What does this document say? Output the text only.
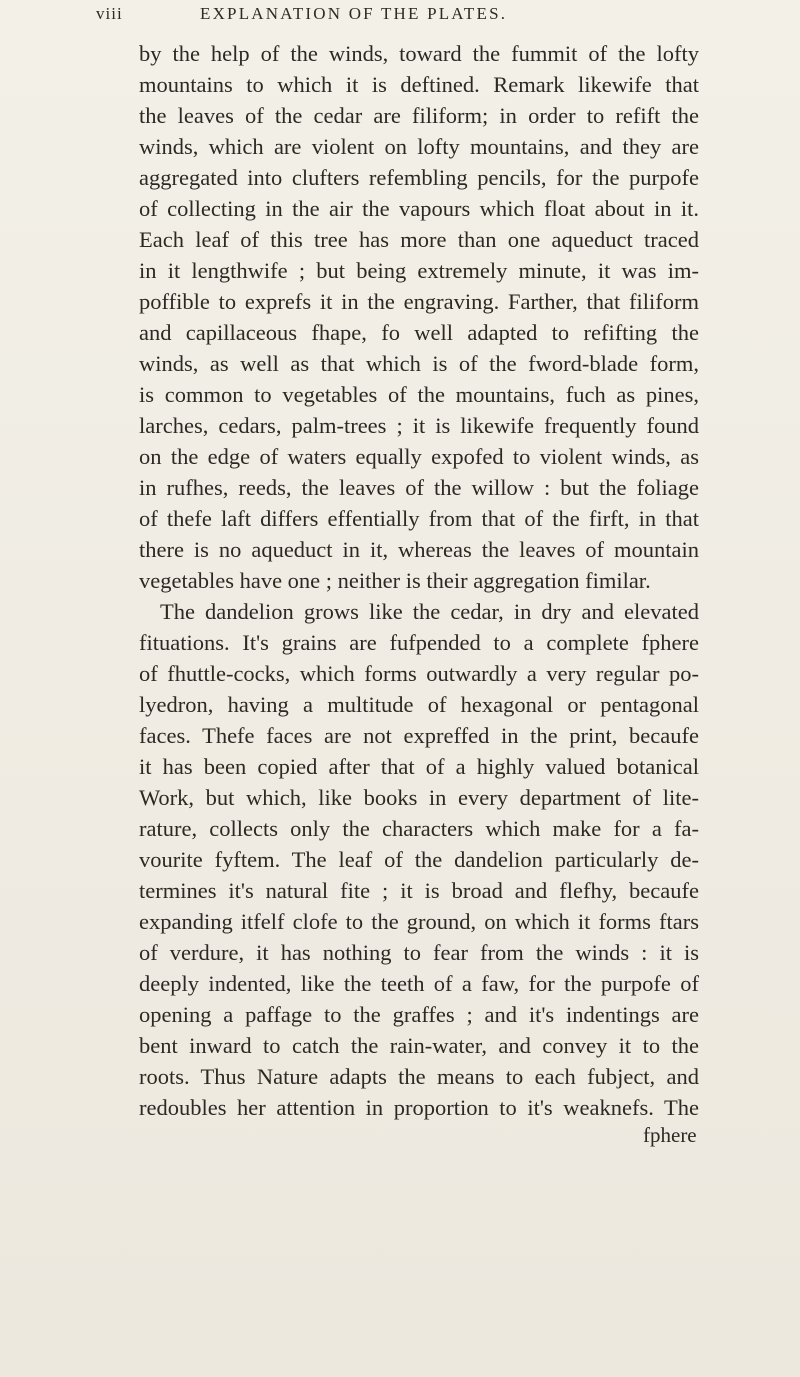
viii	EXPLANATION OF THE PLATES.
by the help of the winds, toward the fummit of the lofty
mountains to which it is deftined. Remark likewife that
the leaves of the cedar are filiform; in order to refift the
winds, which are violent on lofty mountains, and they are
aggregated into clufters refembling pencils, for the purpofe
of collecting in the air the vapours which float about in it.
Each leaf of this tree has more than one aqueduct traced
in it lengthwife ; but being extremely minute, it was im-
poffible to exprefs it in the engraving. Farther, that filiform
and capillaceous fhape, fo well adapted to refifting the
winds, as well as that which is of the fword-blade form,
is common to vegetables of the mountains, fuch as pines,
larches, cedars, palm-trees ; it is likewife frequently found
on the edge of waters equally expofed to violent winds, as
in rufhes, reeds, the leaves of the willow : but the foliage
of thefe laft differs effentially from that of the firft, in that
there is no aqueduct in it, whereas the leaves of mountain
vegetables have one ; neither is their aggregation fimilar.
The dandelion grows like the cedar, in dry and elevated
fituations. It's grains are fufpended to a complete fphere
of fhuttle-cocks, which forms outwardly a very regular po-
lyedron, having a multitude of hexagonal or pentagonal
faces. Thefe faces are not expreffed in the print, becaufe
it has been copied after that of a highly valued botanical
Work, but which, like books in every department of lite-
rature, collects only the characters which make for a fa-
vourite fyftem. The leaf of the dandelion particularly de-
termines it's natural fite ; it is broad and flefhy, becaufe
expanding itfelf clofe to the ground, on which it forms ftars
of verdure, it has nothing to fear from the winds : it is
deeply indented, like the teeth of a faw, for the purpofe of
opening a paffage to the graffes ; and it's indentings are
bent inward to catch the rain-water, and convey it to the
roots. Thus Nature adapts the means to each fubject, and
redoubles her attention in proportion to it's weaknefs. The
fphere
